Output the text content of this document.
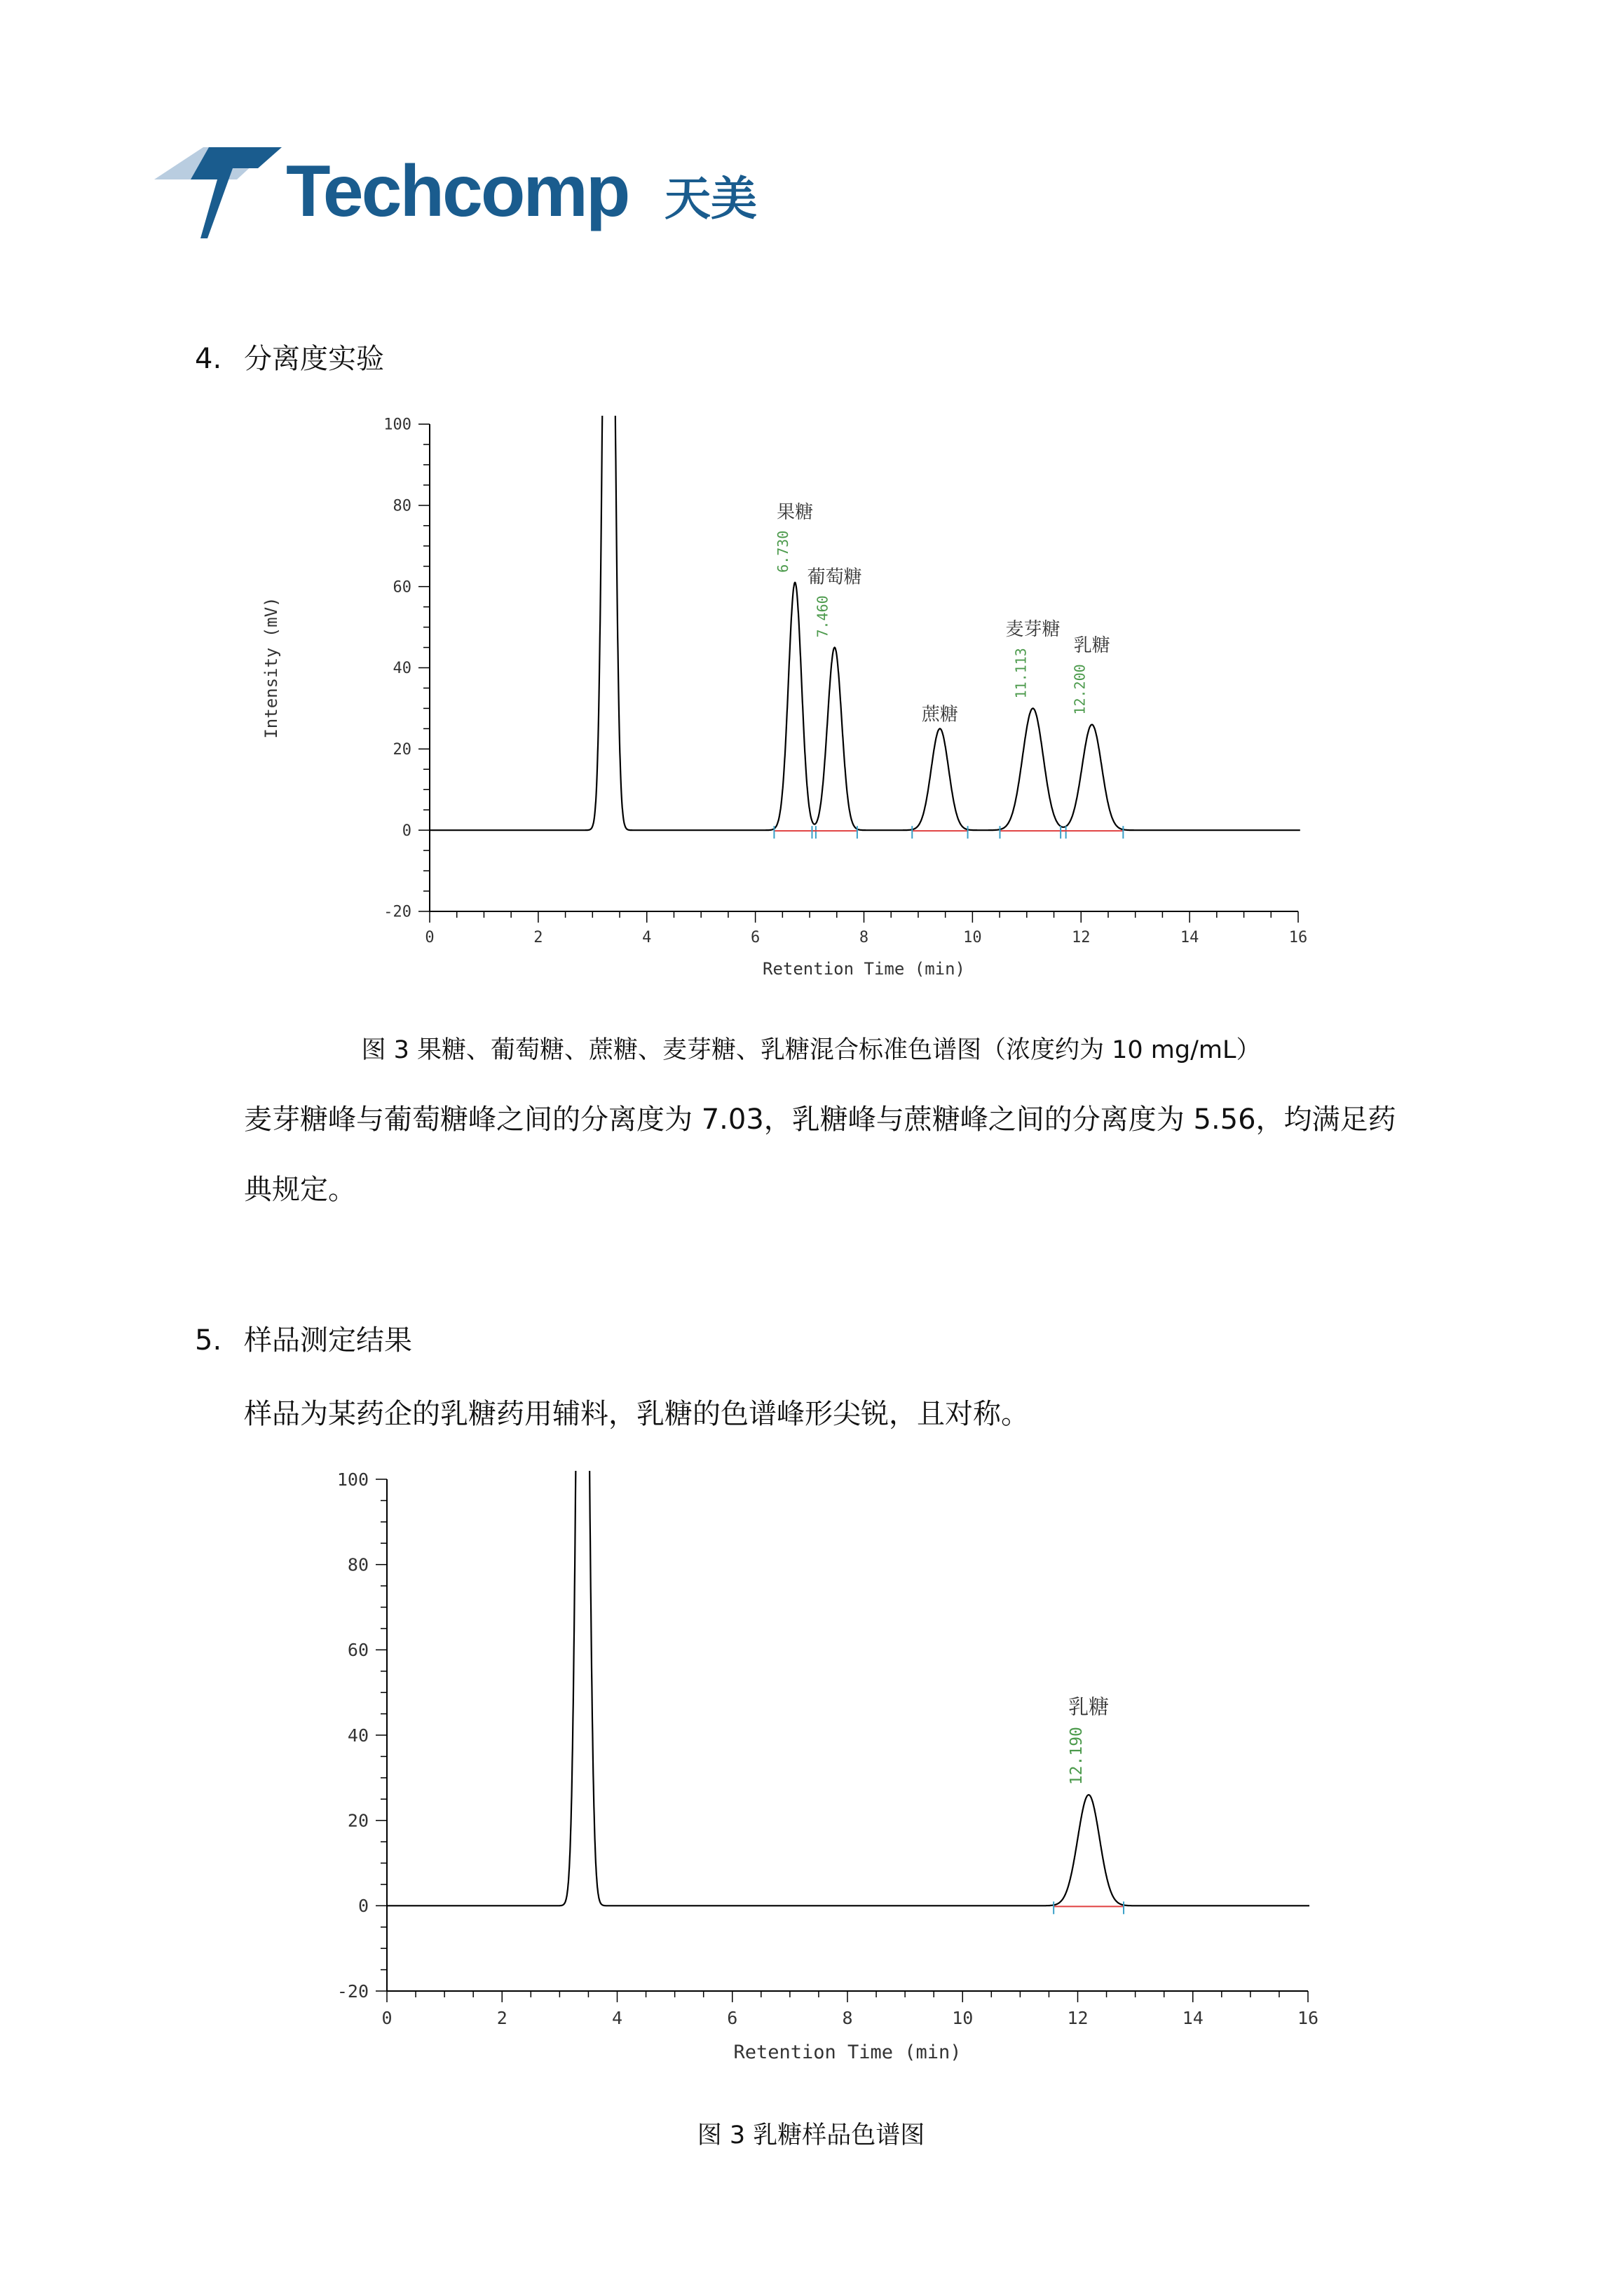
Techcomp 天美
4. 分离度实验
0	2	4	6	8	10	12	14	16
-20
0
20
40
60
80
100
Retention Time (min)
Intensity (mV)
6.730
果糖
7.460
葡萄糖
蔗糖
11.113
麦芽糖
12.200
乳糖
图 3 果糖、葡萄糖、蔗糖、麦芽糖、乳糖混合标准色谱图（浓度约为 10 mg/mL）
麦芽糖峰与葡萄糖峰之间的分离度为 7.03，乳糖峰与蔗糖峰之间的分离度为 5.56，均满足药
典规定。
5. 样品测定结果
样品为某药企的乳糖药用辅料，乳糖的色谱峰形尖锐，且对称。
0	2	4	6	8	10	12	14	16
-20
0
20
40
60
80
100
Retention Time (min)
12.190
乳糖
图 3 乳糖样品色谱图
